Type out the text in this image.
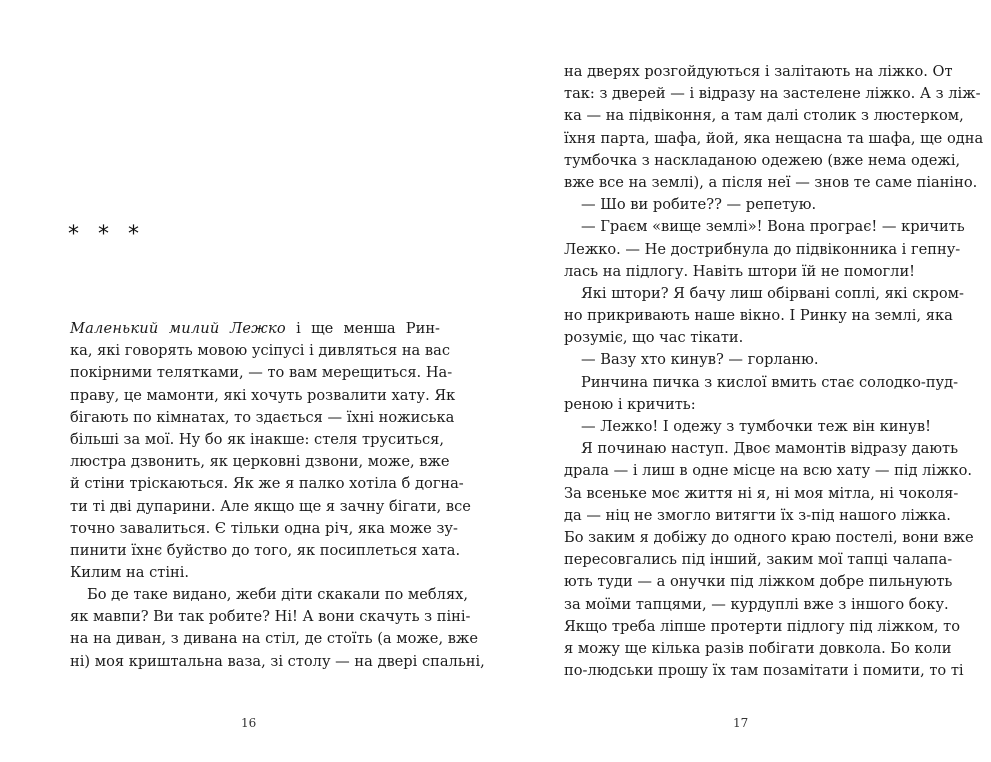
* * *
Маленький милий Лежко і ще менша Рин-
ка, які говорять мовою усіпусі і дивляться на вас
покірними телятками, — то вам мерещиться. На-
праву, це мамонти, які хочуть розвалити хату. Як
бігають по кімнатах, то здається — їхні ножиська
більші за мої. Ну бо як інакше: стеля труситься,
люстра дзвонить, як церковні дзвони, може, вже
й стіни тріскаються. Як же я палко хотіла б догна-
ти ті дві дупарини. Але якщо ще я зачну бігати, все
точно завалиться. Є тільки одна річ, яка може зу-
пинити їхнє буйство до того, як посиплеться хата.
Килим на стіні.
Бо де таке видано, жеби діти скакали по меблях,
як мавпи? Ви так робите? Ні! А вони скачуть з піні-
на на диван, з дивана на стіл, де стоїть (а може, вже
ні) моя криштальна ваза, зі столу — на двері спальні,
16
на дверях розгойдуються і залітають на ліжко. От
так: з дверей — і відразу на застелене ліжко. А з ліж-
ка — на підвіконня, а там далі столик з люстерком,
їхня парта, шафа, йой, яка нещасна та шафа, ще одна
тумбочка з наскладаною одежею (вже нема одежі,
вже все на землі), а після неї — знов те саме піаніно.
— Шо ви робите?? — репетую.
— Граєм «вище землі»! Вона програє! — кричить
Лежко. — Не дострибнула до підвіконника і гепну-
лась на підлогу. Навіть штори їй не помогли!
Які штори? Я бачу лиш обірвані соплі, які скром-
но прикривають наше вікно. І Ринку на землі, яка
розуміє, що час тікати.
— Вазу хто кинув? — горланю.
Ринчина пичка з кислої вмить стає солодко-пуд-
реною і кричить:
— Лежко! І одежу з тумбочки теж він кинув!
Я починаю наступ. Двоє мамонтів відразу дають
драла — і лиш в одне місце на всю хату — під ліжко.
За всеньке моє життя ні я, ні моя мітла, ні чоколя-
да — ніц не змогло витягти їх з-під нашого ліжка.
Бо заким я добіжу до одного краю постелі, вони вже
пересовгались під інший, заким мої тапці чалапа-
ють туди — а онучки під ліжком добре пильнують
за моїми тапцями, — курдуплі вже з іншого боку.
Якщо треба ліпше протерти підлогу під ліжком, то
я можу ще кілька разів побігати довкола. Бо коли
по-людськи прошу їх там позамітати і помити, то ті
17
